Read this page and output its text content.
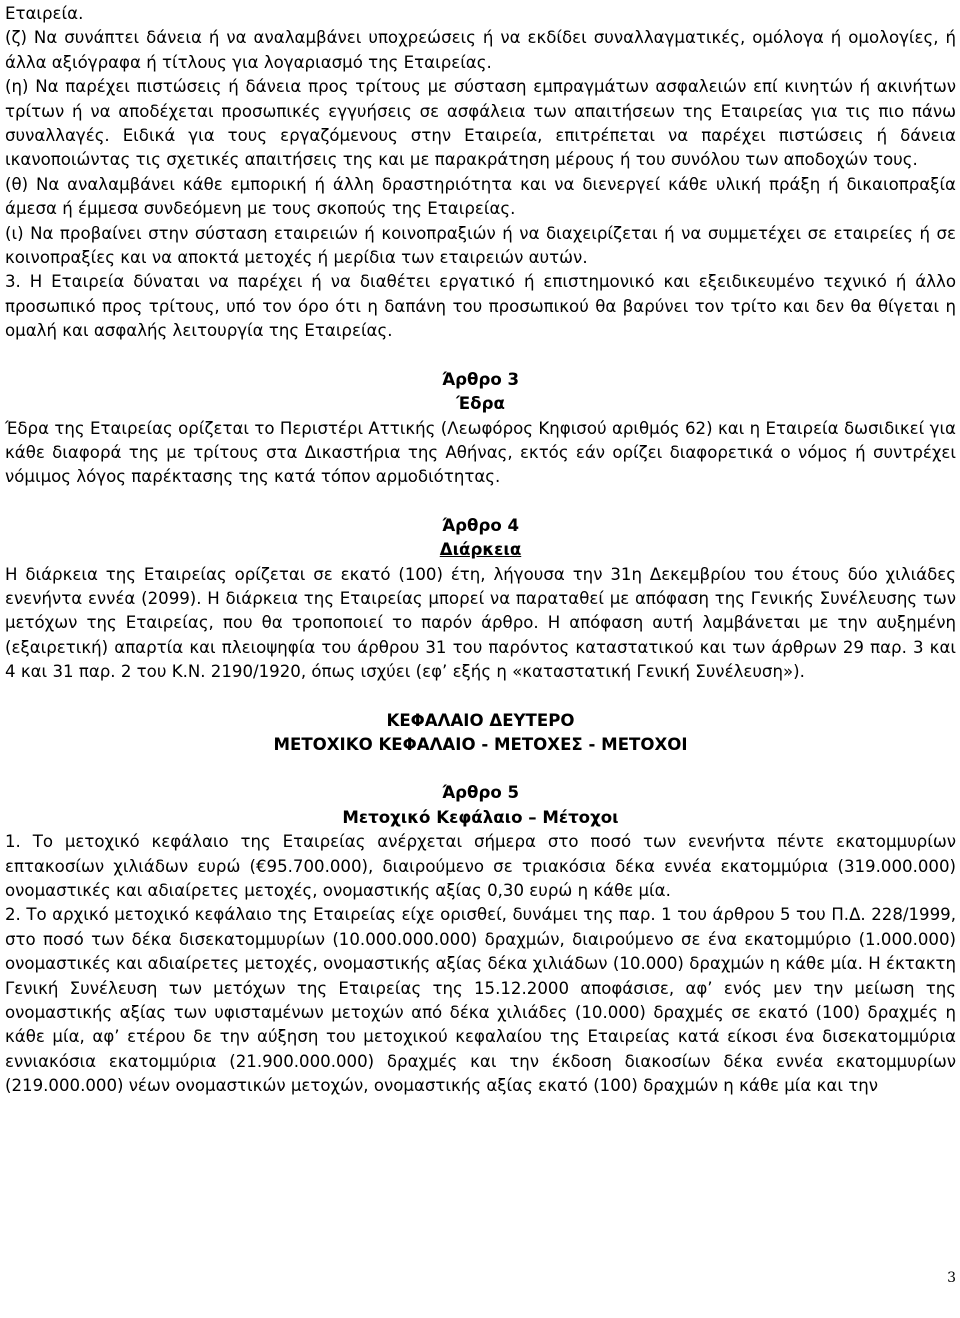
Εταιρεία.

(ζ) Να συνάπτει δάνεια ή να αναλαμβάνει υποχρεώσεις ή να εκδίδει συναλλαγματικές, ομόλογα ή ομολογίες, ή άλλα αξιόγραφα ή τίτλους για λογαριασμό της Εταιρείας.

(η) Να παρέχει πιστώσεις ή δάνεια προς τρίτους με σύσταση εμπραγμάτων ασφαλειών επί κινητών ή ακινήτων τρίτων ή να αποδέχεται προσωπικές εγγυήσεις σε ασφάλεια των απαιτήσεων της Εταιρείας για τις πιο πάνω συναλλαγές. Ειδικά για τους εργαζόμενους στην Εταιρεία, επιτρέπεται να παρέχει πιστώσεις ή δάνεια ικανοποιώντας τις σχετικές απαιτήσεις της και με παρακράτηση μέρους ή του συνόλου των αποδοχών τους.

(θ) Να αναλαμβάνει κάθε εμπορική ή άλλη δραστηριότητα και να διενεργεί κάθε υλική πράξη ή δικαιοπραξία άμεσα ή έμμεσα συνδεόμενη με τους σκοπούς της Εταιρείας.

(ι) Να προβαίνει στην σύσταση εταιρειών ή κοινοπραξιών ή να διαχειρίζεται ή να συμμετέχει σε εταιρείες ή σε κοινοπραξίες και να αποκτά μετοχές ή μερίδια των εταιρειών αυτών.

3. Η Εταιρεία δύναται να παρέχει ή να διαθέτει εργατικό ή επιστημονικό και εξειδικευμένο τεχνικό ή άλλο προσωπικό προς τρίτους, υπό τον όρο ότι η δαπάνη του προσωπικού θα βαρύνει τον τρίτο και δεν θα θίγεται η ομαλή και ασφαλής λειτουργία της Εταιρείας.

Άρθρο 3

Έδρα

Έδρα της Εταιρείας ορίζεται το Περιστέρι Αττικής (Λεωφόρος Κηφισού αριθμός 62) και η Εταιρεία δωσιδικεί για κάθε διαφορά της με τρίτους στα Δικαστήρια της Αθήνας, εκτός εάν ορίζει διαφορετικά ο νόμος ή συντρέχει νόμιμος λόγος παρέκτασης της κατά τόπον αρμοδιότητας.

Άρθρο 4

Διάρκεια

Η διάρκεια της Εταιρείας ορίζεται σε εκατό (100) έτη, λήγουσα την 31η Δεκεμβρίου του έτους δύο χιλιάδες ενενήντα εννέα (2099). Η διάρκεια της Εταιρείας μπορεί να παραταθεί με απόφαση της Γενικής Συνέλευσης των μετόχων της Εταιρείας, που θα τροποποιεί το παρόν άρθρο. Η απόφαση αυτή λαμβάνεται με την αυξημένη (εξαιρετική) απαρτία και πλειοψηφία του άρθρου 31 του παρόντος καταστατικού και των άρθρων 29 παρ. 3 και 4 και 31 παρ. 2 του Κ.Ν. 2190/1920, όπως ισχύει (εφ’ εξής η «καταστατική Γενική Συνέλευση»).

ΚΕΦΑΛΑΙΟ ΔΕΥΤΕΡΟ

ΜΕΤΟΧΙΚΟ ΚΕΦΑΛΑΙΟ - ΜΕΤΟΧΕΣ - ΜΕΤΟΧΟΙ

Άρθρο 5

Μετοχικό Κεφάλαιο – Μέτοχοι

1. Το μετοχικό κεφάλαιο της Εταιρείας ανέρχεται σήμερα στο ποσό των ενενήντα πέντε εκατομμυρίων επτακοσίων χιλιάδων ευρώ (€95.700.000), διαιρούμενο σε τριακόσια δέκα εννέα εκατομμύρια (319.000.000) ονομαστικές και αδιαίρετες μετοχές, ονομαστικής αξίας 0,30 ευρώ η κάθε μία.

2. Το αρχικό μετοχικό κεφάλαιο της Εταιρείας είχε ορισθεί, δυνάμει της παρ. 1 του άρθρου 5 του Π.Δ. 228/1999, στο ποσό των δέκα δισεκατομμυρίων (10.000.000.000) δραχμών, διαιρούμενο σε ένα εκατομμύριο (1.000.000) ονομαστικές και αδιαίρετες μετοχές, ονομαστικής αξίας δέκα χιλιάδων (10.000) δραχμών η κάθε μία. Η έκτακτη Γενική Συνέλευση των μετόχων της Εταιρείας της 15.12.2000 αποφάσισε, αφ’ ενός μεν την μείωση της ονομαστικής αξίας των υφισταμένων μετοχών από δέκα χιλιάδες (10.000) δραχμές σε εκατό (100) δραχμές η κάθε μία, αφ’ ετέρου δε την αύξηση του μετοχικού κεφαλαίου της Εταιρείας κατά είκοσι ένα δισεκατομμύρια εννιακόσια εκατομμύρια (21.900.000.000) δραχμές και την έκδοση διακοσίων δέκα εννέα εκατομμυρίων (219.000.000) νέων ονομαστικών μετοχών, ονομαστικής αξίας εκατό (100) δραχμών η κάθε μία και την

3
